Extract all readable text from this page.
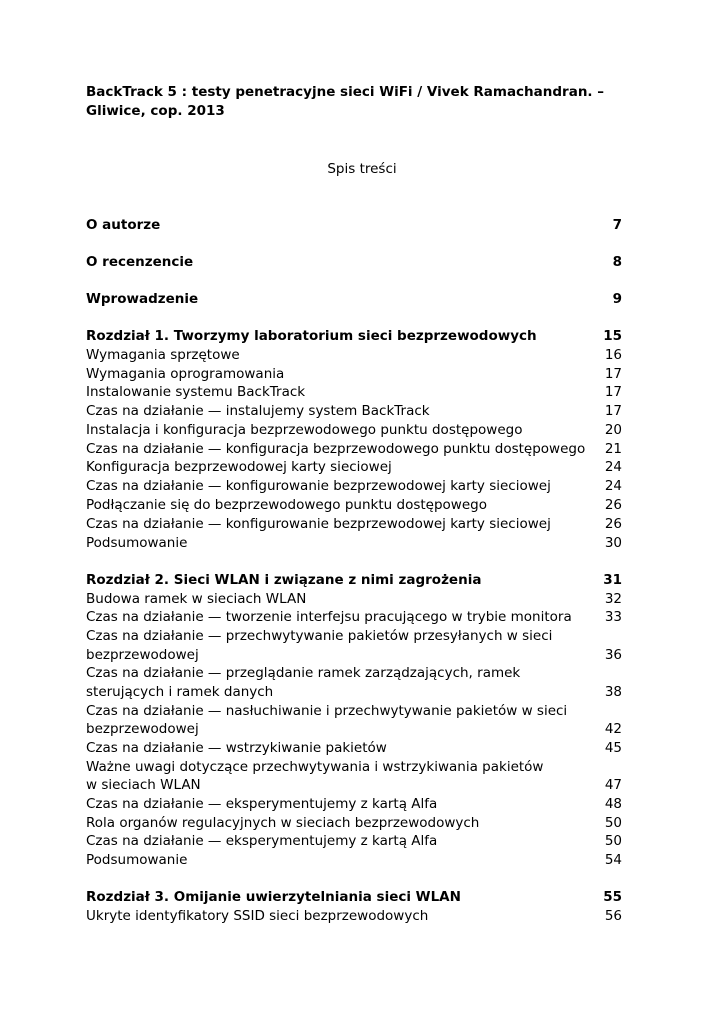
BackTrack 5 : testy penetracyjne sieci WiFi / Vivek Ramachandran. –
Gliwice, cop. 2013
Spis treści
O autorze	7
O recenzencie	8
Wprowadzenie	9
Rozdział 1. Tworzymy laboratorium sieci bezprzewodowych	15
Wymagania sprzętowe	16
Wymagania oprogramowania	17
Instalowanie systemu BackTrack	17
Czas na działanie — instalujemy system BackTrack	17
Instalacja i konfiguracja bezprzewodowego punktu dostępowego	20
Czas na działanie — konfiguracja bezprzewodowego punktu dostępowego 21
Konfiguracja bezprzewodowej karty sieciowej	24
Czas na działanie — konfigurowanie bezprzewodowej karty sieciowej	24
Podłączanie się do bezprzewodowego punktu dostępowego	26
Czas na działanie — konfigurowanie bezprzewodowej karty sieciowej	26
Podsumowanie	30
Rozdział 2. Sieci WLAN i związane z nimi zagrożenia	31
Budowa ramek w sieciach WLAN	32
Czas na działanie — tworzenie interfejsu pracującego w trybie monitora 33
Czas na działanie — przechwytywanie pakietów przesyłanych w sieci
bezprzewodowej	36
Czas na działanie — przeglądanie ramek zarządzających, ramek
sterujących i ramek danych	38
Czas na działanie — nasłuchiwanie i przechwytywanie pakietów w sieci
bezprzewodowej	42
Czas na działanie — wstrzykiwanie pakietów	45
Ważne uwagi dotyczące przechwytywania i wstrzykiwania pakietów
w sieciach WLAN	47
Czas na działanie — eksperymentujemy z kartą Alfa	48
Rola organów regulacyjnych w sieciach bezprzewodowych	50
Czas na działanie — eksperymentujemy z kartą Alfa	50
Podsumowanie	54
Rozdział 3. Omijanie uwierzytelniania sieci WLAN	55
Ukryte identyfikatory SSID sieci bezprzewodowych	56
